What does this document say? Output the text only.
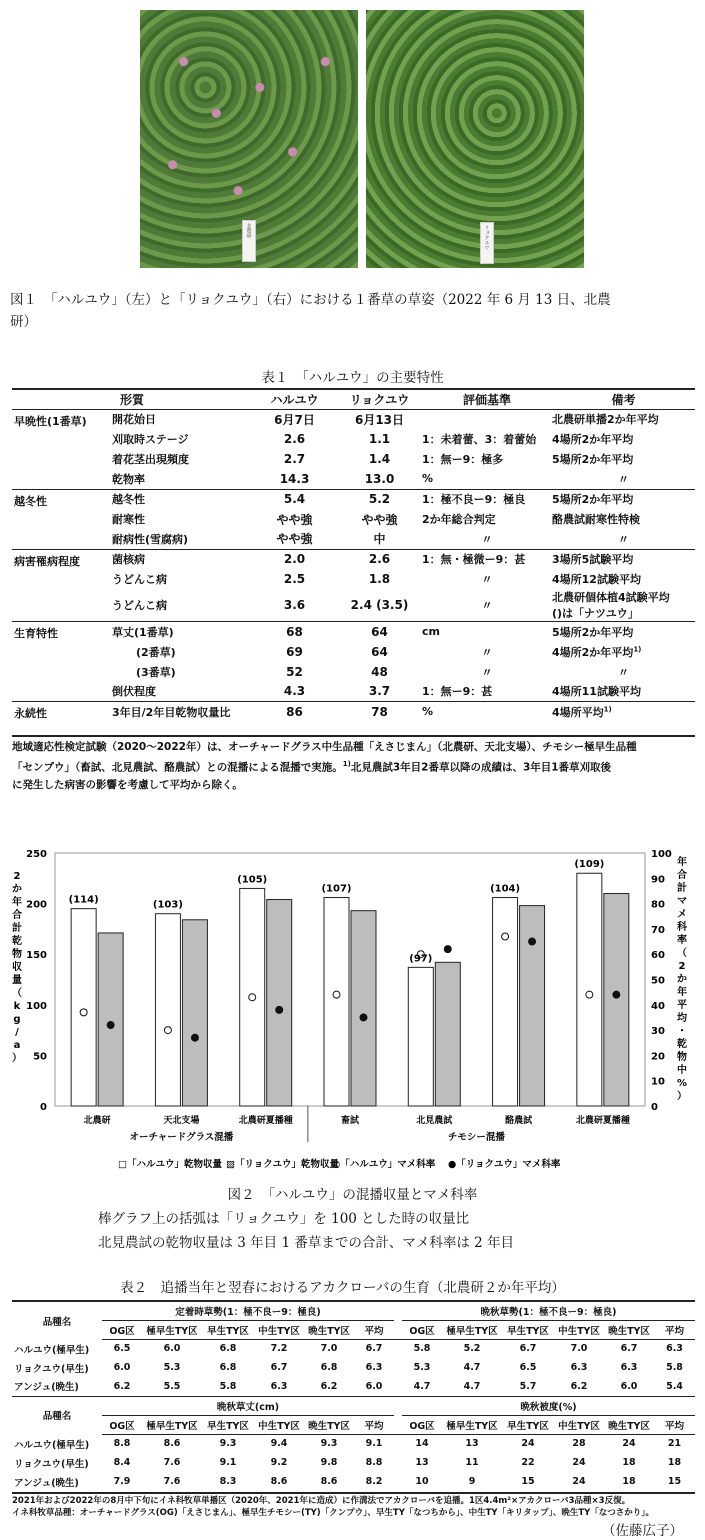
北農研	リョクユウ
図１　「ハルユウ」（左）と「リョクユウ」（右）における１番草の草姿（2022 年 6 月 13 日、北農
研）
表１　「ハルユウ」の主要特性
形質		ハルユウ	リョクユウ	評価基準	備考
早晩性(1番草)	開花始日	6月7日	6月13日		北農研単播2か年平均
	刈取時ステージ	2.6	1.1	1：未着蕾、3：着蕾始	4場所2か年平均
	着花茎出現頻度	2.7	1.4	1：無ー9：極多	5場所2か年平均
	乾物率	14.3	13.0	%	〃
越冬性	越冬性	5.4	5.2	1：極不良ー9：極良	5場所2か年平均
	耐寒性	やや強	やや強	2か年総合判定	酪農試耐寒性特検
	耐病性(雪腐病)	やや強	中	〃	〃
病害罹病程度	菌核病	2.0	2.6	1：無・極微ー9：甚	3場所5試験平均
	うどんこ病	2.5	1.8	〃	4場所12試験平均
	うどんこ病	3.6	2.4 (3.5)	〃	北農研個体植4試験平均
()は「ナツユウ」

生育特性	草丈(1番草)	68	64	cm	5場所2か年平均
	(2番草)	69	64	〃	4場所2か年平均$^{1)}$
	(3番草)	52	48	〃	〃
	倒伏程度	4.3	3.7	1：無ー9：甚	4場所11試験平均
永続性	3年目/2年目乾物収量比	86	78	%	4場所平均$^{1)}$
地域適応性検定試験（2020〜2022年）は、オーチャードグラス中生品種「えさじまん」（北農研、天北支場）、チモシー極早生品種
「センプウ」（畜試、北見農試、酪農試）との混播による混播で実施。$^{1)}$北見農試3年目2番草以降の成績は、3年目1番草刈取後
に発生した病害の影響を考慮して平均から除く。
0
50
100
150
200
250
0
10
20
30
40
50
60
70
80
90
100
2 か年合計乾物収量（ k g / a ）
年合計マメ科率（ 2 か年平均・乾物中%）
(114)
北農研
(103)
天北支場
(105)
北農研夏播種
(107)
畜試
(97)
北見農試
(104)
酪農試
(109)
北農研夏播種
オーチャードグラス混播	チモシー混播
□「ハルユウ」乾物収量 ▨「リョクユウ」乾物収量
○「ハルユウ」マメ科率 ●「リョクユウ」マメ科率
図２　「ハルユウ」の混播収量とマメ科率
棒グラフ上の括弧は「リョクユウ」を 100 とした時の収量比
北見農試の乾物収量は 3 年目 1 番草までの合計、マメ科率は 2 年目
表２　追播当年と翌春におけるアカクローバの生育（北農研２か年平均）
品種名	定着時草勢(1：極不良ー9：極良)							晩秋草勢(1：極不良ー9：極良)					
	OG区	極早生TY区	早生TY区	中生TY区	晩生TY区	平均		OG区	極早生TY区	早生TY区	中生TY区	晩生TY区	平均
ハルユウ(極早生)	6.5	6.0	6.8	7.2	7.0	6.7		5.8	5.2	6.7	7.0	6.7	6.3
リョクユウ(早生)	6.0	5.3	6.8	6.7	6.8	6.3		5.3	4.7	6.5	6.3	6.3	5.8
アンジュ(晩生)	6.2	5.5	5.8	6.3	6.2	6.0		4.7	4.7	5.7	6.2	6.0	5.4
品種名	晩秋草丈(cm)							晩秋被度(%)					
	OG区	極早生TY区	早生TY区	中生TY区	晩生TY区	平均		OG区	極早生TY区	早生TY区	中生TY区	晩生TY区	平均
ハルユウ(極早生)	8.8	8.6	9.3	9.4	9.3	9.1		14	13	24	28	24	21
リョクユウ(早生)	8.4	7.6	9.1	9.2	9.8	8.8		13	11	22	24	18	18
アンジュ(晩生)	7.9	7.6	8.3	8.6	8.6	8.2		10	9	15	24	18	15
2021年および2022年の8月中下旬にイネ科牧草単播区（2020年、2021年に造成）に作溝法でアカクローバを追播。1区4.4m²×アカクローバ3品種×3反復。
イネ科牧草品種：オーチャードグラス(OG)「えさじまん」、極早生チモシー(TY)「クンプウ」、早生TY「なつちから」、中生TY「キリタップ」、晩生TY「なつさかり」。
（佐藤広子）
